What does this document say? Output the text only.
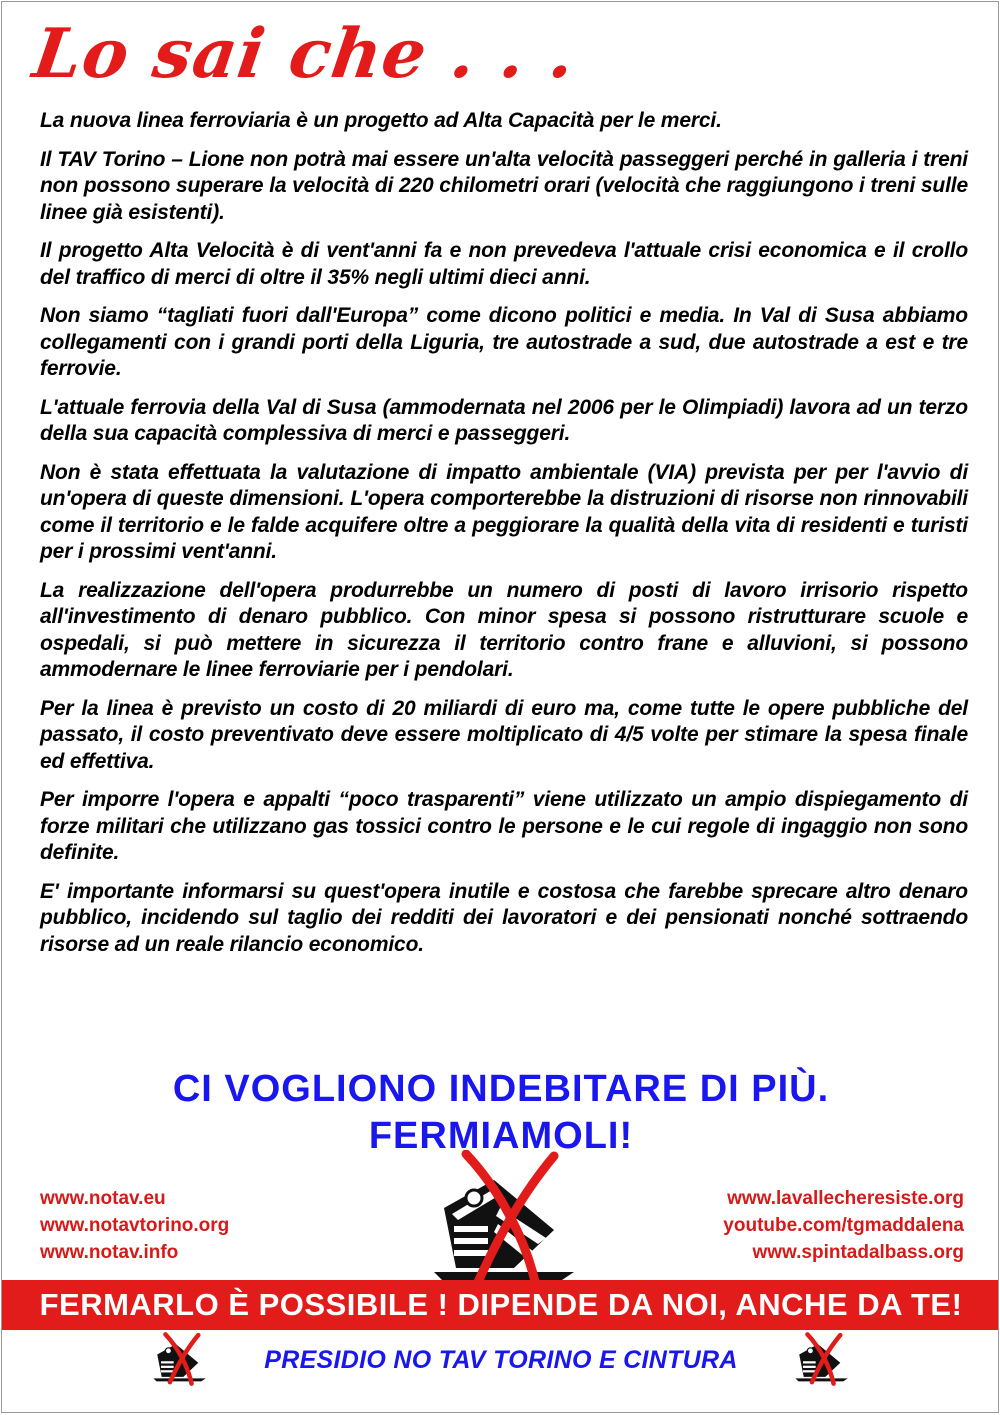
Lo sai che . . .

La nuova linea ferroviaria è un progetto ad Alta Capacità per le merci.

Il TAV Torino – Lione non potrà mai essere un'alta velocità passeggeri perché in galleria i treni non possono superare la velocità di 220 chilometri orari (velocità che raggiungono i treni sulle linee già esistenti).

Il progetto Alta Velocità è di vent'anni fa e non prevedeva l'attuale crisi economica e il crollo del traffico di merci di oltre il 35% negli ultimi dieci anni.

Non siamo “tagliati fuori dall'Europa” come dicono politici e media. In Val di Susa abbiamo collegamenti con i grandi porti della Liguria, tre autostrade a sud, due autostrade a est e tre ferrovie.

L'attuale ferrovia della Val di Susa (ammodernata nel 2006 per le Olimpiadi) lavora ad un terzo della sua capacità complessiva di merci e passeggeri.

Non è stata effettuata la valutazione di impatto ambientale (VIA) prevista per per l'avvio di un'opera di queste dimensioni. L'opera comporterebbe la distruzioni di risorse non rinnovabili come il territorio e le falde acquifere oltre a peggiorare la qualità della vita di residenti e turisti per i prossimi vent'anni.

La realizzazione dell'opera produrrebbe un numero di posti di lavoro irrisorio rispetto all'investimento di denaro pubblico. Con minor spesa si possono ristrutturare scuole e ospedali, si può mettere in sicurezza il territorio contro frane e alluvioni, si possono ammodernare le linee ferroviarie per i pendolari.

Per la linea è previsto un costo di 20 miliardi di euro ma, come tutte le opere pubbliche del passato, il costo preventivato deve essere moltiplicato di 4/5 volte per stimare la spesa finale ed effettiva.

Per imporre l'opera e appalti “poco trasparenti” viene utilizzato un ampio dispiegamento di forze militari che utilizzano gas tossici contro le persone e le cui regole di ingaggio non sono definite.

E' importante informarsi su quest'opera inutile e costosa che farebbe sprecare altro denaro pubblico, incidendo sul taglio dei redditi dei lavoratori e dei pensionati nonché sottraendo risorse ad un reale rilancio economico.

CI VOGLIONO INDEBITARE DI PIÙ.
FERMIAMOLI!
www.notav.eu
www.notavtorino.org
www.notav.info
www.lavallecheresiste.org
youtube.com/tgmaddalena
www.spintadalbass.org
FERMARLO È POSSIBILE ! DIPENDE DA NOI, ANCHE DA TE!
PRESIDIO NO TAV TORINO E CINTURA
